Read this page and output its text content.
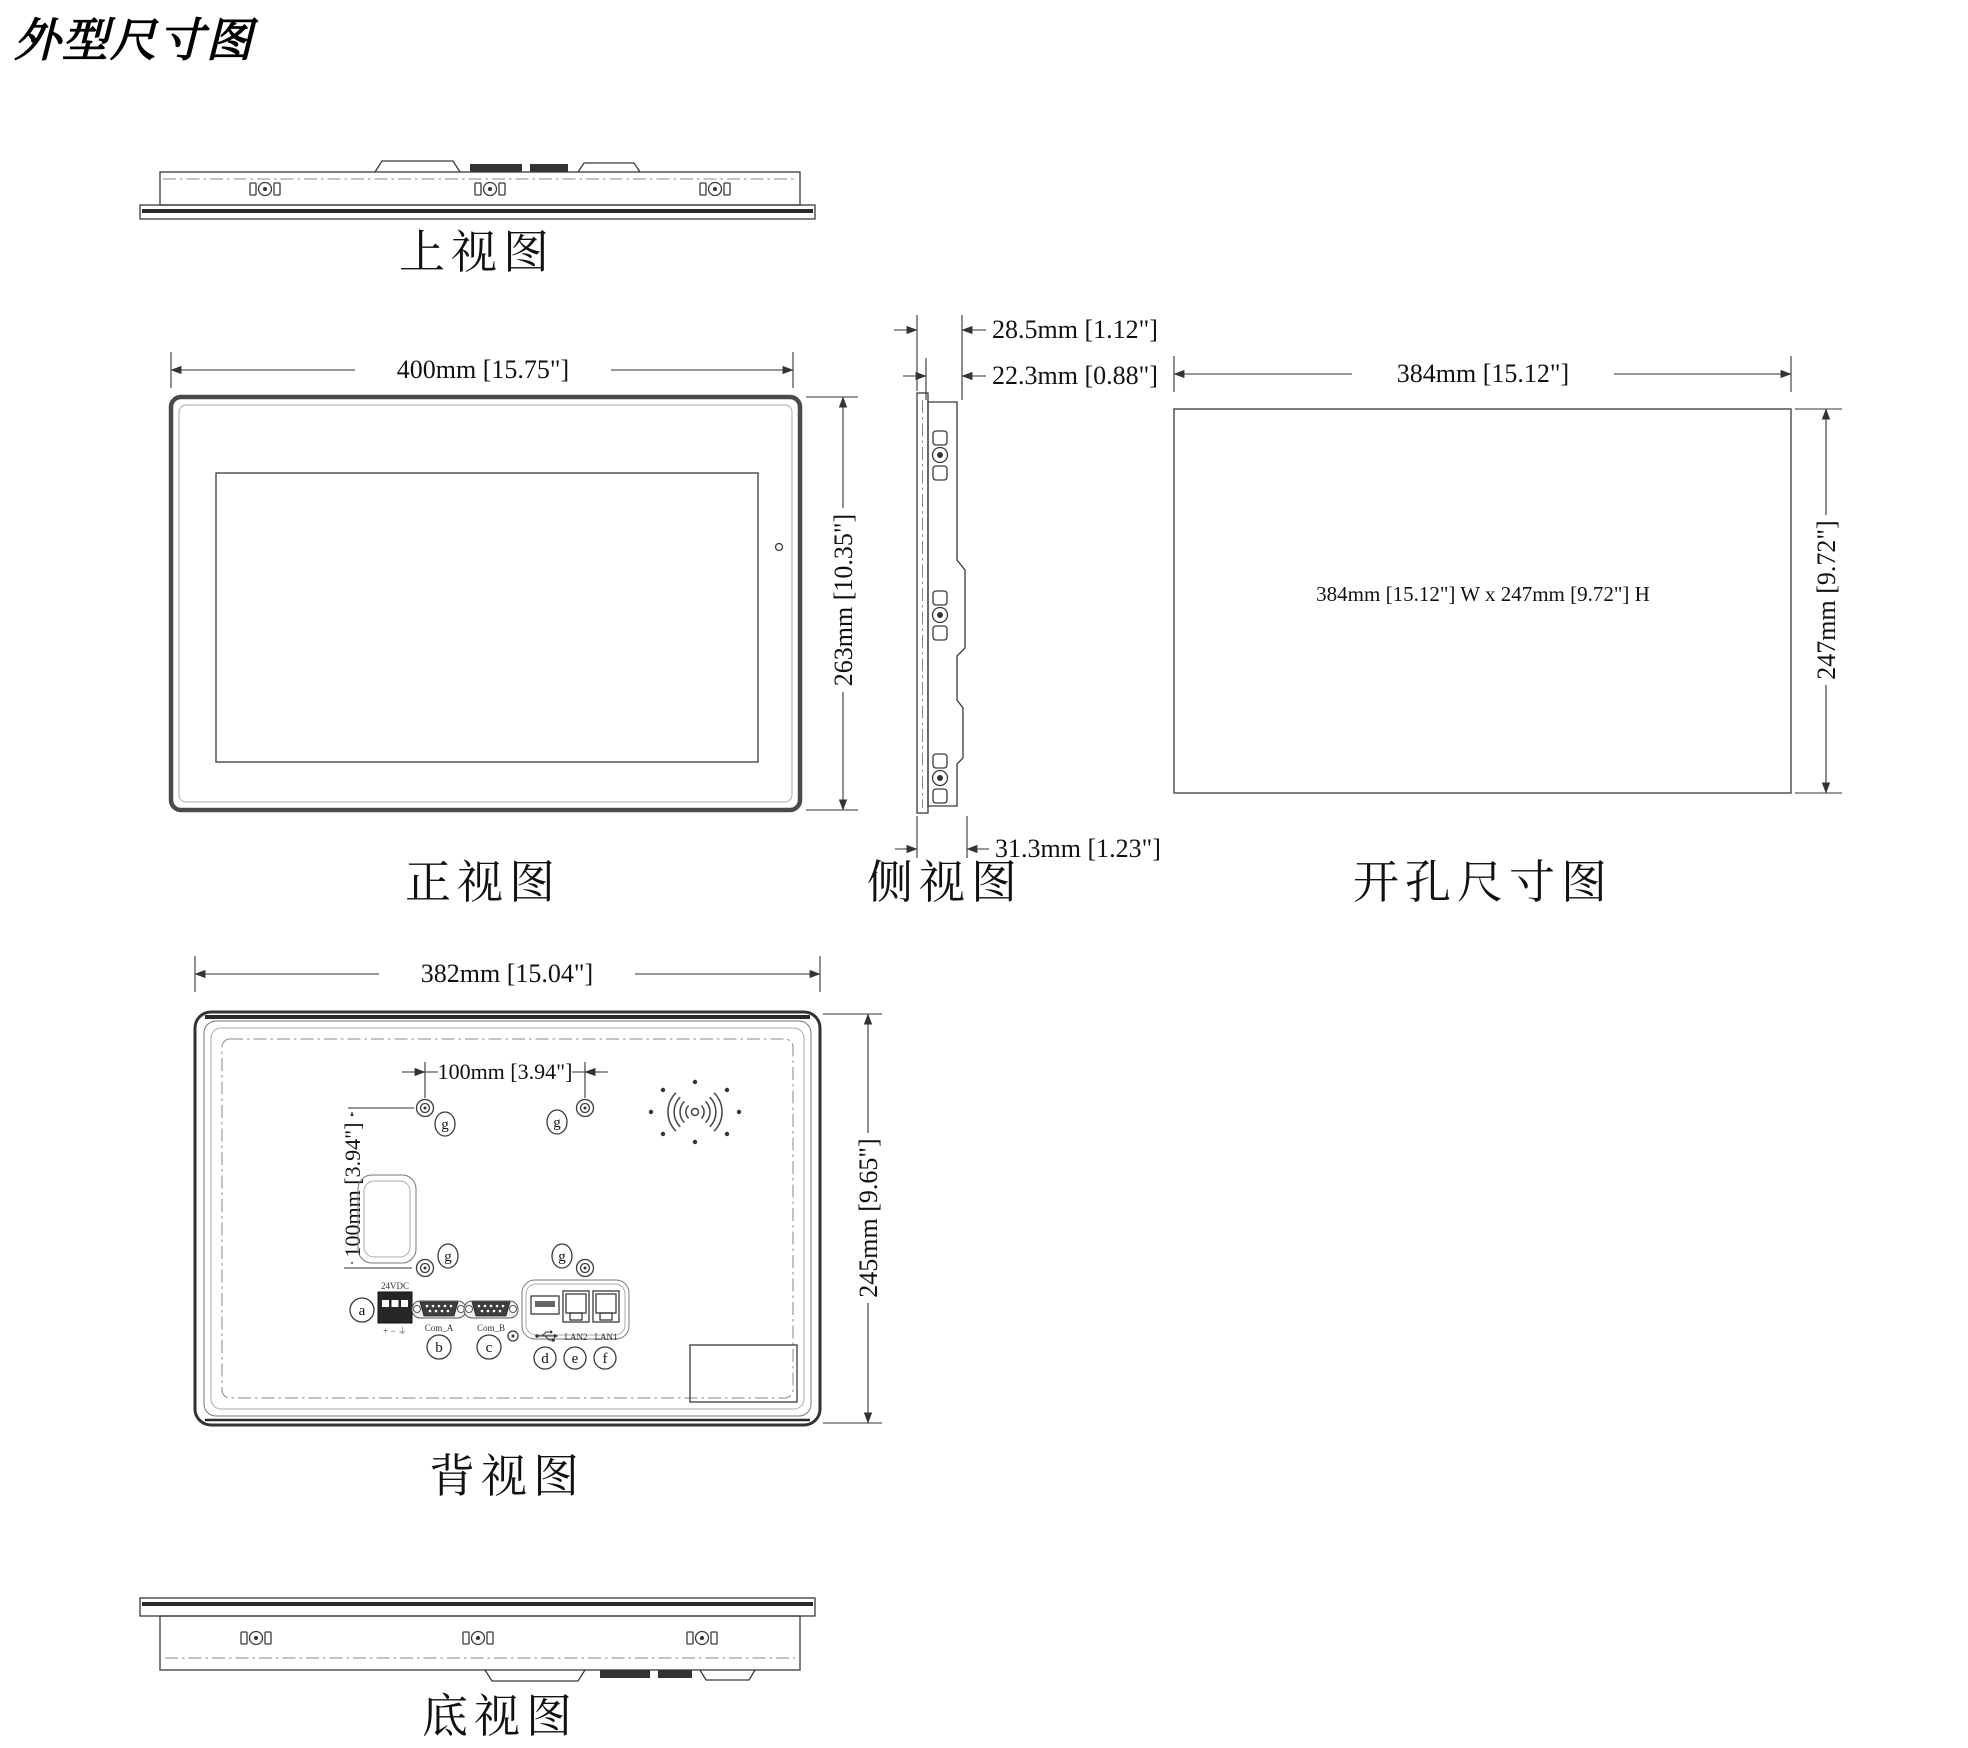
外型尺寸图
上视图
400mm [15.75"]
263mm [10.35"]
正视图
28.5mm [1.12"]
22.3mm [0.88"]
31.3mm [1.23"]
侧视图
384mm [15.12"]
384mm [15.12"] W x 247mm [9.72"] H	247mm [9.72"]
开孔尺寸图
382mm [15.04"]
g	g
g	g
100mm [3.94"]
100mm [3.94"]
a
24VDC
+ − ⏚ Com_A
b
Com_B
c
LAN2 LAN1
d e f
245mm [9.65"]
背视图
底视图
